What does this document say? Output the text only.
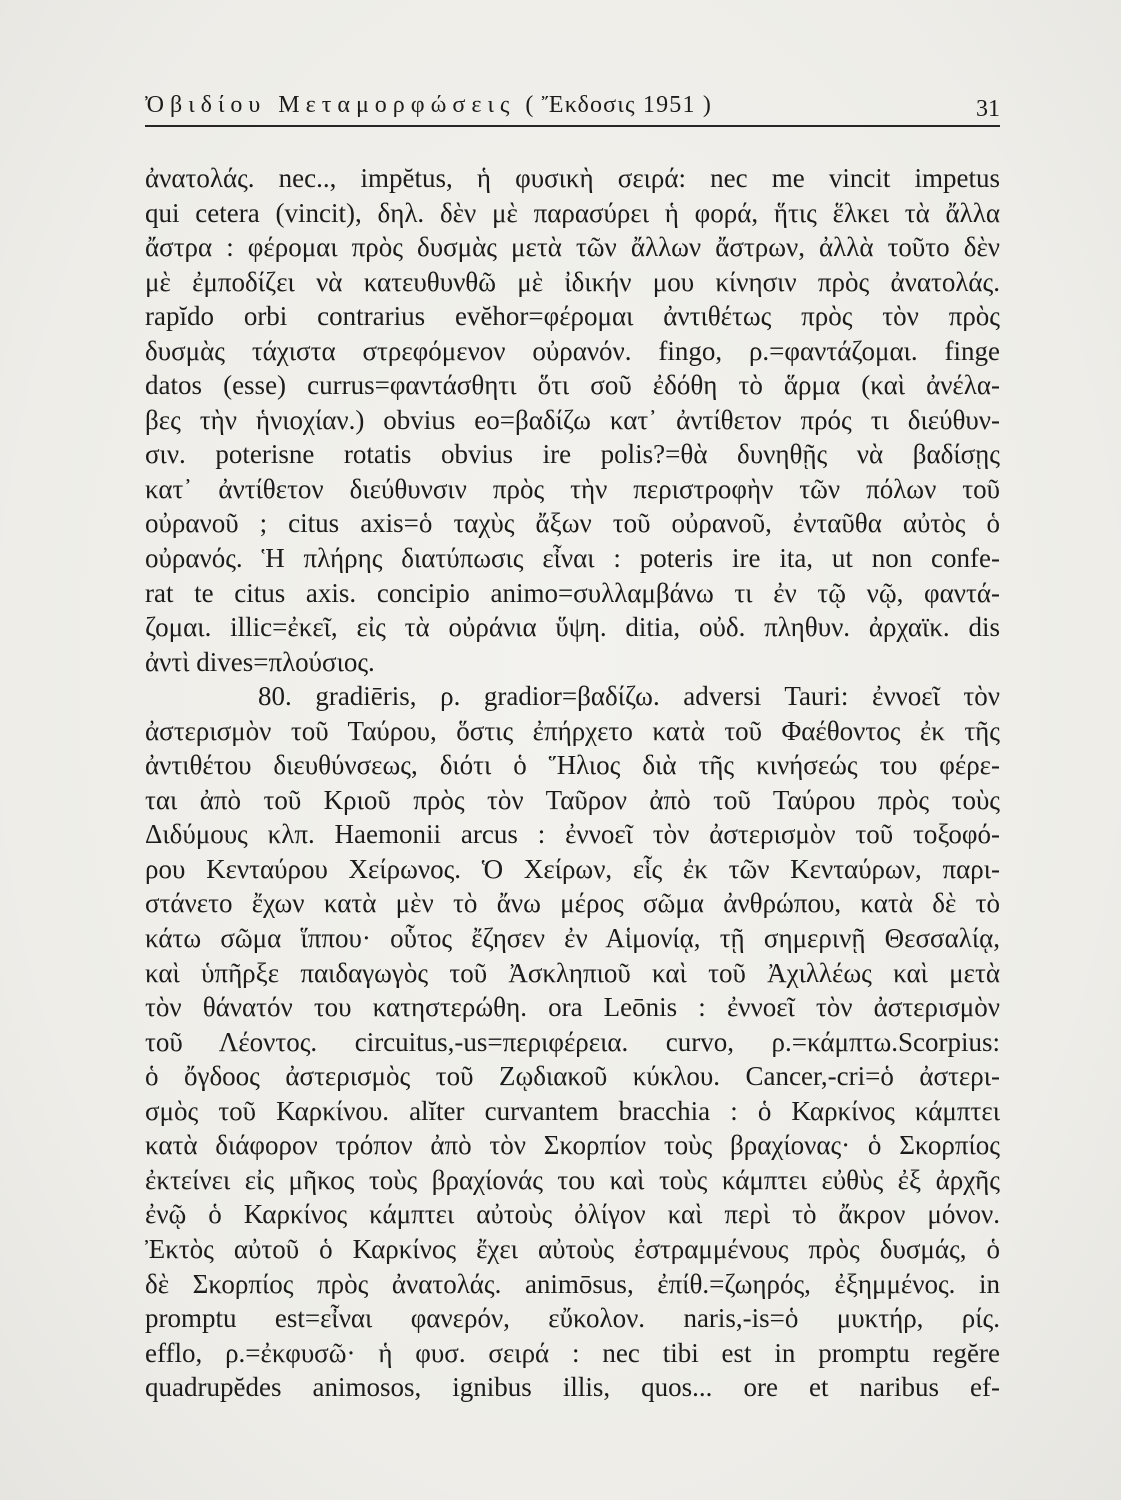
Ὀβιδίου Μεταμορφώσεις ( Ἔκδοσις 1951 )	31
ἀνατολάς. nec.., impĕtus, ἡ φυσικὴ σειρά: nec me vincit impetus
qui cetera (vincit), δηλ. δὲν μὲ παρασύρει ἡ φορά, ἥτις ἕλκει τὰ ἄλλα
ἄστρα : φέρομαι πρὸς δυσμὰς μετὰ τῶν ἄλλων ἄστρων, ἀλλὰ τοῦτο δὲν
μὲ ἐμποδίζει νὰ κατευθυνθῶ μὲ ἰδικήν μου κίνησιν πρὸς ἀνατολάς.
rapĭdo orbi contrarius evĕhor=φέρομαι ἀντιθέτως πρὸς τὸν πρὸς
δυσμὰς τάχιστα στρεφόμενον οὐρανόν. fingo, ρ.=φαντάζομαι. finge
datos (esse) currus=φαντάσθητι ὅτι σοῦ ἐδόθη τὸ ἅρμα (καὶ ἀνέλα-
βες τὴν ἡνιοχίαν.) obvius eo=βαδίζω κατ᾽ ἀντίθετον πρός τι διεύθυν-
σιν. poterisne rotatis obvius ire polis?=θὰ δυνηθῇς νὰ βαδίσῃς
κατ᾽ ἀντίθετον διεύθυνσιν πρὸς τὴν περιστροφὴν τῶν πόλων τοῦ
οὐρανοῦ ; citus axis=ὁ ταχὺς ἄξων τοῦ οὐρανοῦ, ἐνταῦθα αὐτὸς ὁ
οὐρανός. Ἡ πλήρης διατύπωσις εἶναι : poteris ire ita, ut non confe-
rat te citus axis. concipio animo=συλλαμβάνω τι ἐν τῷ νῷ, φαντά-
ζομαι. illic=ἐκεῖ, εἰς τὰ οὐράνια ὕψη. ditia, οὐδ. πληθυν. ἀρχαϊκ. dis
ἀντὶ dives=πλούσιος.
80. gradiēris, ρ. gradior=βαδίζω. adversi Tauri: ἐννοεῖ τὸν
ἀστερισμὸν τοῦ Ταύρου, ὅστις ἐπήρχετο κατὰ τοῦ Φαέθοντος ἐκ τῆς
ἀντιθέτου διευθύνσεως, διότι ὁ Ἥλιος διὰ τῆς κινήσεώς του φέρε-
ται ἀπὸ τοῦ Κριοῦ πρὸς τὸν Ταῦρον ἀπὸ τοῦ Ταύρου πρὸς τοὺς
Διδύμους κλπ. Haemonii arcus : ἐννοεῖ τὸν ἀστερισμὸν τοῦ τοξοφό-
ρου Κενταύρου Χείρωνος. Ὁ Χείρων, εἷς ἐκ τῶν Κενταύρων, παρι-
στάνετο ἔχων κατὰ μὲν τὸ ἄνω μέρος σῶμα ἀνθρώπου, κατὰ δὲ τὸ
κάτω σῶμα ἵππου· οὗτος ἔζησεν ἐν Αἱμονίᾳ, τῇ σημερινῇ Θεσσαλίᾳ,
καὶ ὑπῆρξε παιδαγωγὸς τοῦ Ἀσκληπιοῦ καὶ τοῦ Ἀχιλλέως καὶ μετὰ
τὸν θάνατόν του κατηστερώθη. ora Leōnis : ἐννοεῖ τὸν ἀστερισμὸν
τοῦ Λέοντος. circuitus,-us=περιφέρεια. curvo, ρ.=κάμπτω.Scorpius:
ὁ ὄγδοος ἀστερισμὸς τοῦ Ζῳδιακοῦ κύκλου. Cancer,-cri=ὁ ἀστερι-
σμὸς τοῦ Καρκίνου. alĭter curvantem bracchia : ὁ Καρκίνος κάμπτει
κατὰ διάφορον τρόπον ἀπὸ τὸν Σκορπίον τοὺς βραχίονας· ὁ Σκορπίος
ἐκτείνει εἰς μῆκος τοὺς βραχίονάς του καὶ τοὺς κάμπτει εὐθὺς ἐξ ἀρχῆς
ἐνῷ ὁ Καρκίνος κάμπτει αὐτοὺς ὀλίγον καὶ περὶ τὸ ἄκρον μόνον.
Ἐκτὸς αὐτοῦ ὁ Καρκίνος ἔχει αὐτοὺς ἐστραμμένους πρὸς δυσμάς, ὁ
δὲ Σκορπίος πρὸς ἀνατολάς. animōsus, ἐπίθ.=ζωηρός, ἐξημμένος. in
promptu est=εἶναι φανερόν, εὔκολον. naris,-is=ὁ μυκτήρ, ρίς.
efflo, ρ.=ἐκφυσῶ· ἡ φυσ. σειρά : nec tibi est in promptu regĕre
quadrupĕdes animosos, ignibus illis, quos... ore et naribus ef-
